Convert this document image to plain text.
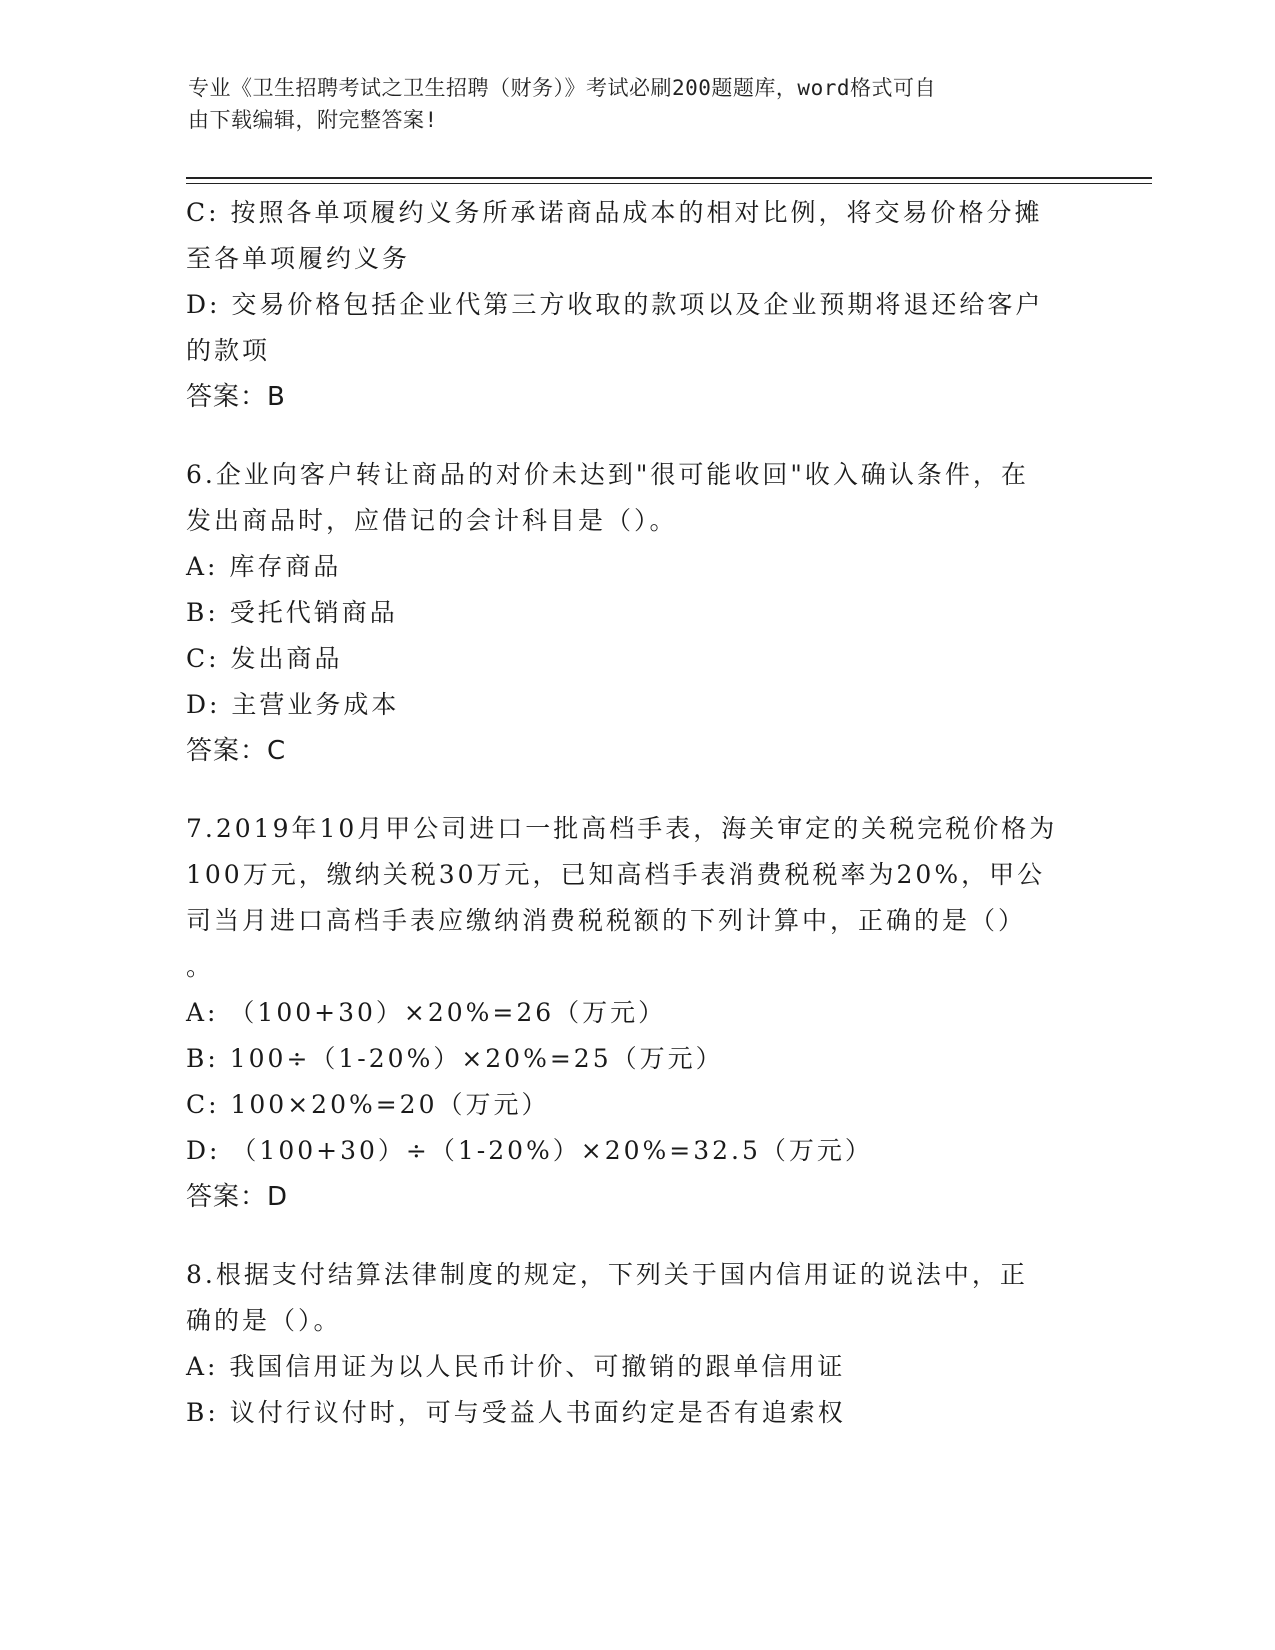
专业《卫生招聘考试之卫生招聘（财务）》考试必刷200题题库，word格式可自
由下载编辑，附完整答案!
C: 按照各单项履约义务所承诺商品成本的相对比例，将交易价格分摊
至各单项履约义务
D: 交易价格包括企业代第三方收取的款项以及企业预期将退还给客户
的款项
答案：B
6.企业向客户转让商品的对价未达到"很可能收回"收入确认条件，在
发出商品时，应借记的会计科目是（）。
A: 库存商品
B: 受托代销商品
C: 发出商品
D: 主营业务成本
答案：C
7.2019年10月甲公司进口一批高档手表，海关审定的关税完税价格为
100万元，缴纳关税30万元，已知高档手表消费税税率为20%，甲公
司当月进口高档手表应缴纳消费税税额的下列计算中，正确的是（）
。
A: （100+30）×20%=26（万元）
B: 100÷（1-20%）×20%=25（万元）
C: 100×20%=20（万元）
D: （100+30）÷（1-20%）×20%=32.5（万元）
答案：D
8.根据支付结算法律制度的规定，下列关于国内信用证的说法中，正
确的是（）。
A: 我国信用证为以人民币计价、可撤销的跟单信用证
B: 议付行议付时，可与受益人书面约定是否有追索权
